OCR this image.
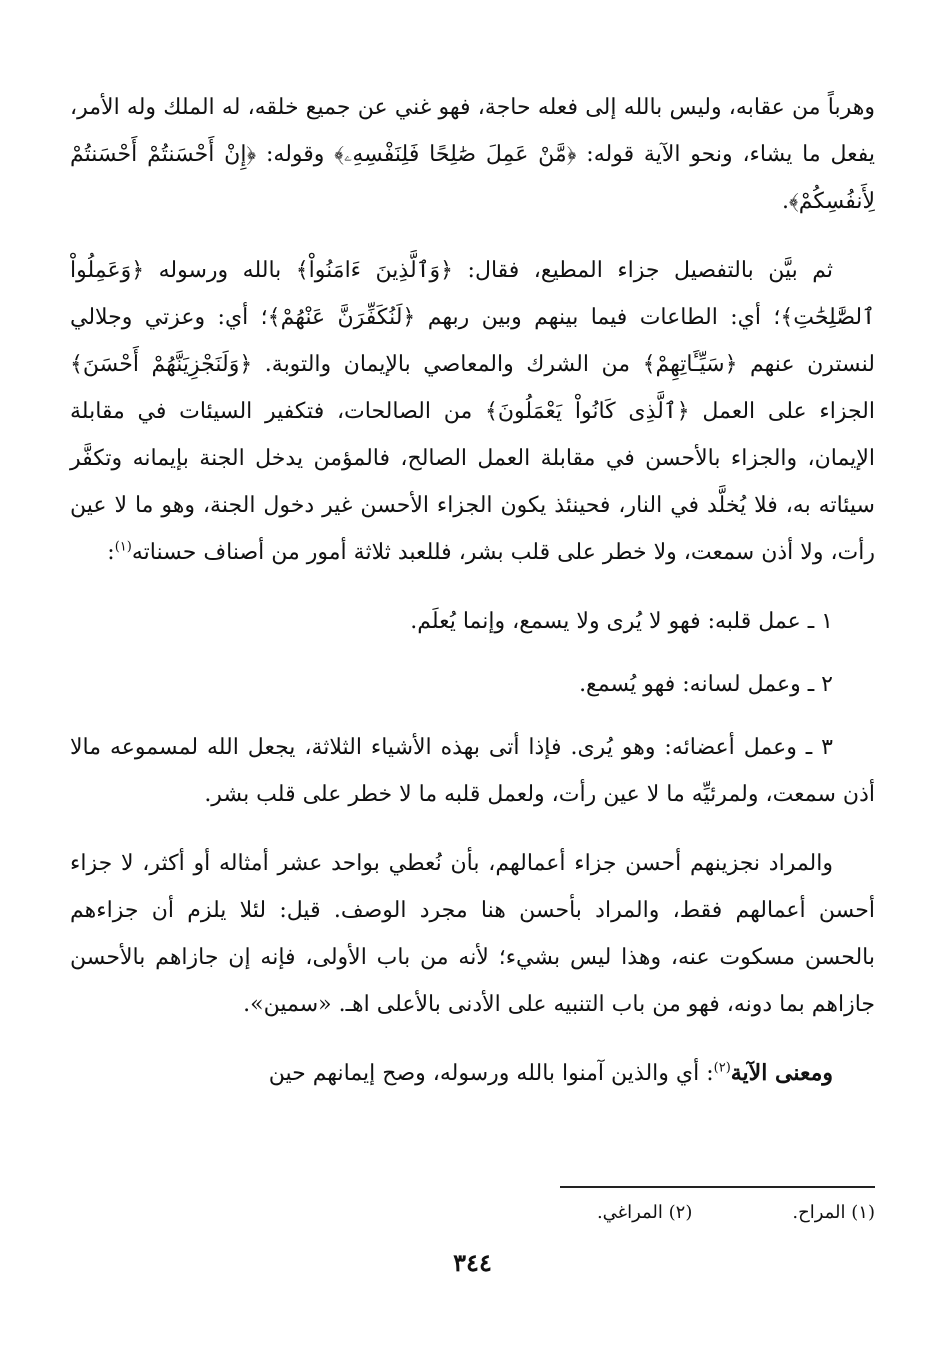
وهرباً من عقابه، وليس بالله إلى فعله حاجة، فهو غني عن جميع خلقه، له الملك وله الأمر، يفعل ما يشاء، ونحو الآية قوله: ﴿مَّنْ عَمِلَ صَٰلِحًا فَلِنَفْسِهِۦ﴾ وقوله: ﴿إِنْ أَحْسَنتُمْ أَحْسَنتُمْ لِأَنفُسِكُمْ﴾.

ثم بيَّن بالتفصيل جزاء المطيع، فقال: ﴿وَٱلَّذِينَ ءَامَنُواْ﴾ بالله ورسوله ﴿وَعَمِلُواْ ٱلصَّٰلِحَٰتِ﴾؛ أي: الطاعات فيما بينهم وبين ربهم ﴿لَنُكَفِّرَنَّ عَنْهُمْ﴾؛ أي: وعزتي وجلالي لنسترن عنهم ﴿سَيِّـَٔاتِهِمْ﴾ من الشرك والمعاصي بالإيمان والتوبة. ﴿وَلَنَجْزِيَنَّهُمْ أَحْسَنَ﴾ الجزاء على العمل ﴿ٱلَّذِى كَانُواْ يَعْمَلُونَ﴾ من الصالحات، فتكفير السيئات في مقابلة الإيمان، والجزاء بالأحسن في مقابلة العمل الصالح، فالمؤمن يدخل الجنة بإيمانه وتكفَّر سيئاته به، فلا يُخلَّد في النار، فحينئذ يكون الجزاء الأحسن غير دخول الجنة، وهو ما لا عين رأت، ولا أذن سمعت، ولا خطر على قلب بشر، فللعبد ثلاثة أمور من أصناف حسناته$^{(١)}$:

١ ـ عمل قلبه: فهو لا يُرى ولا يسمع، وإنما يُعلَم.

٢ ـ وعمل لسانه: فهو يُسمع.

٣ ـ وعمل أعضائه: وهو يُرى. فإذا أتى بهذه الأشياء الثلاثة، يجعل الله لمسموعه مالا أذن سمعت، ولمرئيِّه ما لا عين رأت، ولعمل قلبه ما لا خطر على قلب بشر.

والمراد نجزينهم أحسن جزاء أعمالهم، بأن نُعطي بواحد عشر أمثاله أو أكثر، لا جزاء أحسن أعمالهم فقط، والمراد بأحسن هنا مجرد الوصف. قيل: لئلا يلزم أن جزاءهم بالحسن مسكوت عنه، وهذا ليس بشيء؛ لأنه من باب الأولى، فإنه إن جازاهم بالأحسن جازاهم بما دونه، فهو من باب التنبيه على الأدنى بالأعلى اهـ. «سمين».

ومعنى الآية$^{(٢)}$: أي والذين آمنوا بالله ورسوله، وصح إيمانهم حين

(١) المراح.
(٢) المراغي.
٣٤٤
